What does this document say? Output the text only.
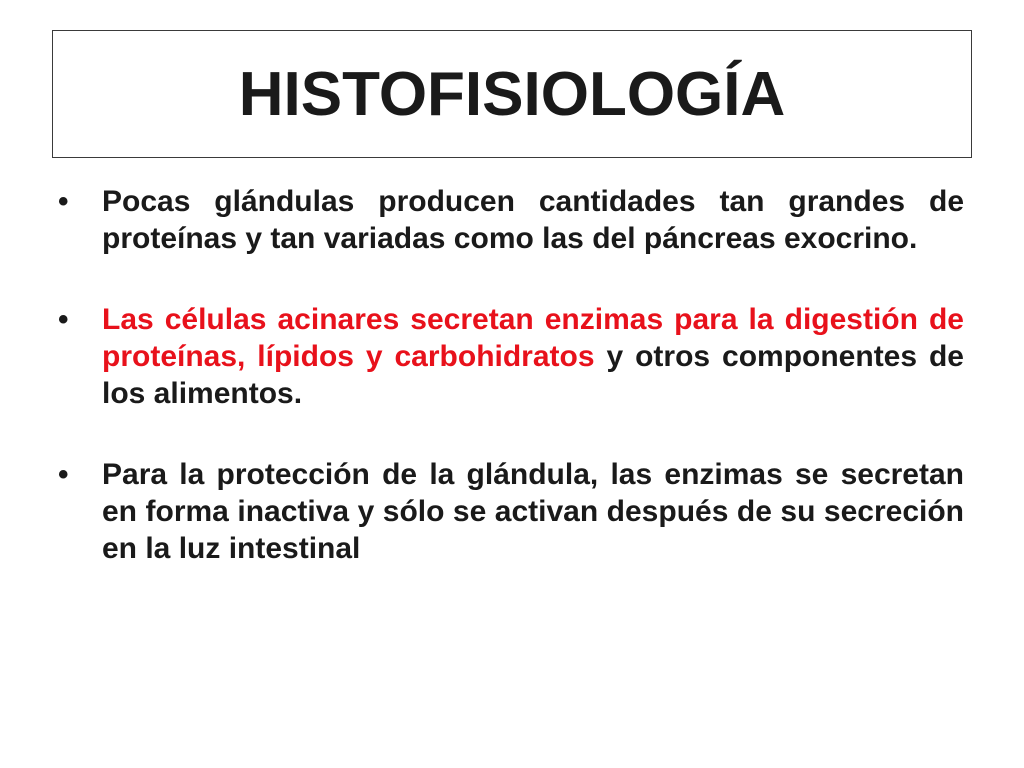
HISTOFISIOLOGÍA
• Pocas glándulas producen cantidades tan grandes de proteínas y tan variadas como las del páncreas exocrino.
• Las células acinares secretan enzimas para la digestión de proteínas, lípidos y carbohidratos y otros componentes de los alimentos.
• Para la protección de la glándula, las enzimas se secretan en forma inactiva y sólo se activan después de su secreción en la luz intestinal
